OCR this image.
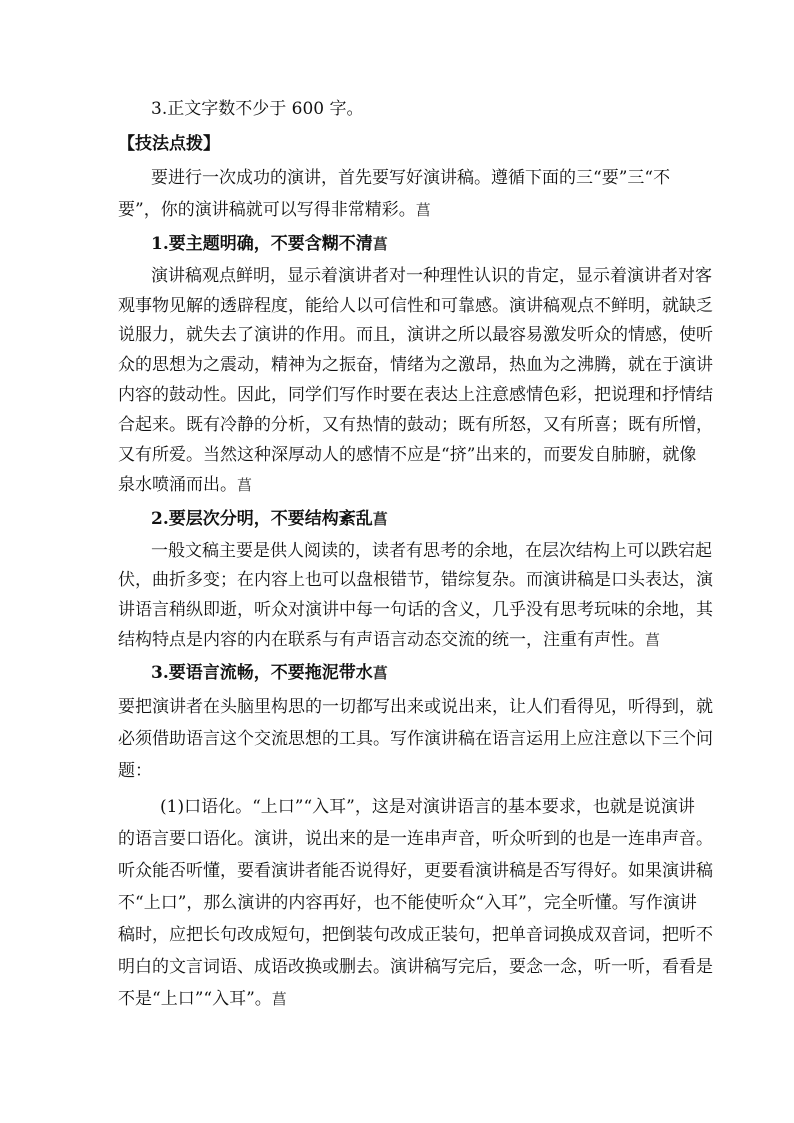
3.正文字数不少于 600 字。
【技法点拨】
要进行一次成功的演讲，首先要写好演讲稿。遵循下面的三“要”三“不
要”，你的演讲稿就可以写得非常精彩。菖
1.要主题明确，不要含糊不清菖
演讲稿观点鲜明，显示着演讲者对一种理性认识的肯定，显示着演讲者对客
观事物见解的透辟程度，能给人以可信性和可靠感。演讲稿观点不鲜明，就缺乏
说服力，就失去了演讲的作用。而且，演讲之所以最容易激发听众的情感，使听
众的思想为之震动，精神为之振奋，情绪为之激昂，热血为之沸腾，就在于演讲
内容的鼓动性。因此，同学们写作时要在表达上注意感情色彩，把说理和抒情结
合起来。既有冷静的分析，又有热情的鼓动；既有所怒，又有所喜；既有所憎，
又有所爱。当然这种深厚动人的感情不应是“挤”出来的，而要发自肺腑，就像
泉水喷涌而出。菖
2.要层次分明，不要结构紊乱菖
一般文稿主要是供人阅读的，读者有思考的余地，在层次结构上可以跌宕起
伏，曲折多变；在内容上也可以盘根错节，错综复杂。而演讲稿是口头表达，演
讲语言稍纵即逝，听众对演讲中每一句话的含义，几乎没有思考玩味的余地，其
结构特点是内容的内在联系与有声语言动态交流的统一，注重有声性。菖
3.要语言流畅，不要拖泥带水菖
要把演讲者在头脑里构思的一切都写出来或说出来，让人们看得见，听得到，就
必须借助语言这个交流思想的工具。写作演讲稿在语言运用上应注意以下三个问
题：
(1)口语化。“上口”“入耳”，这是对演讲语言的基本要求，也就是说演讲
的语言要口语化。演讲，说出来的是一连串声音，听众听到的也是一连串声音。
听众能否听懂，要看演讲者能否说得好，更要看演讲稿是否写得好。如果演讲稿
不“上口”，那么演讲的内容再好，也不能使听众“入耳”，完全听懂。写作演讲
稿时，应把长句改成短句，把倒装句改成正装句，把单音词换成双音词，把听不
明白的文言词语、成语改换或删去。演讲稿写完后，要念一念，听一听，看看是
不是“上口”“入耳”。菖
